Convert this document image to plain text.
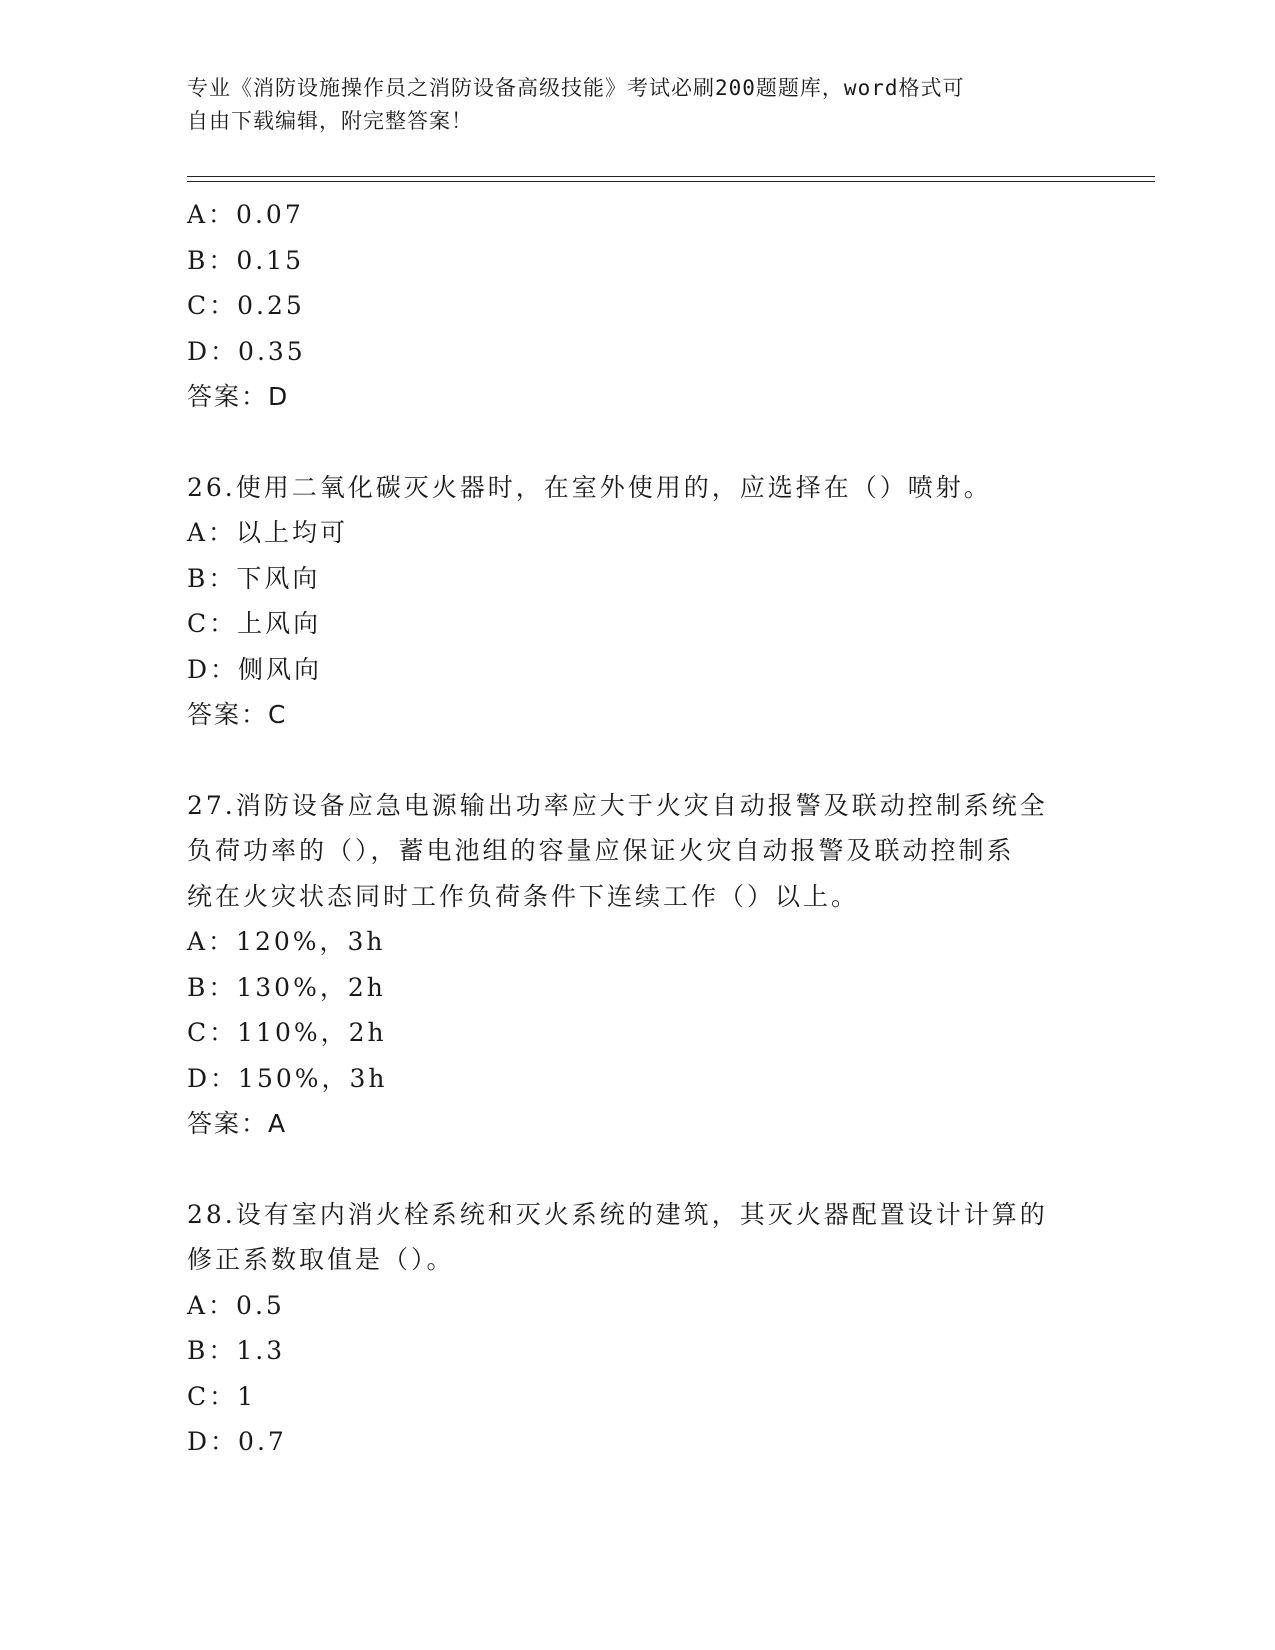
专业《消防设施操作员之消防设备高级技能》考试必刷200题题库，word格式可
自由下载编辑，附完整答案！
A：0.07
B：0.15
C：0.25
D：0.35
答案：D
26.使用二氧化碳灭火器时，在室外使用的，应选择在（）喷射。
A：以上均可
B：下风向
C：上风向
D：侧风向
答案：C
27.消防设备应急电源输出功率应大于火灾自动报警及联动控制系统全
负荷功率的（），蓄电池组的容量应保证火灾自动报警及联动控制系
统在火灾状态同时工作负荷条件下连续工作（）以上。
A：120%，3h
B：130%，2h
C：110%，2h
D：150%，3h
答案：A
28.设有室内消火栓系统和灭火系统的建筑，其灭火器配置设计计算的
修正系数取值是（）。
A：0.5
B：1.3
C：1
D：0.7
